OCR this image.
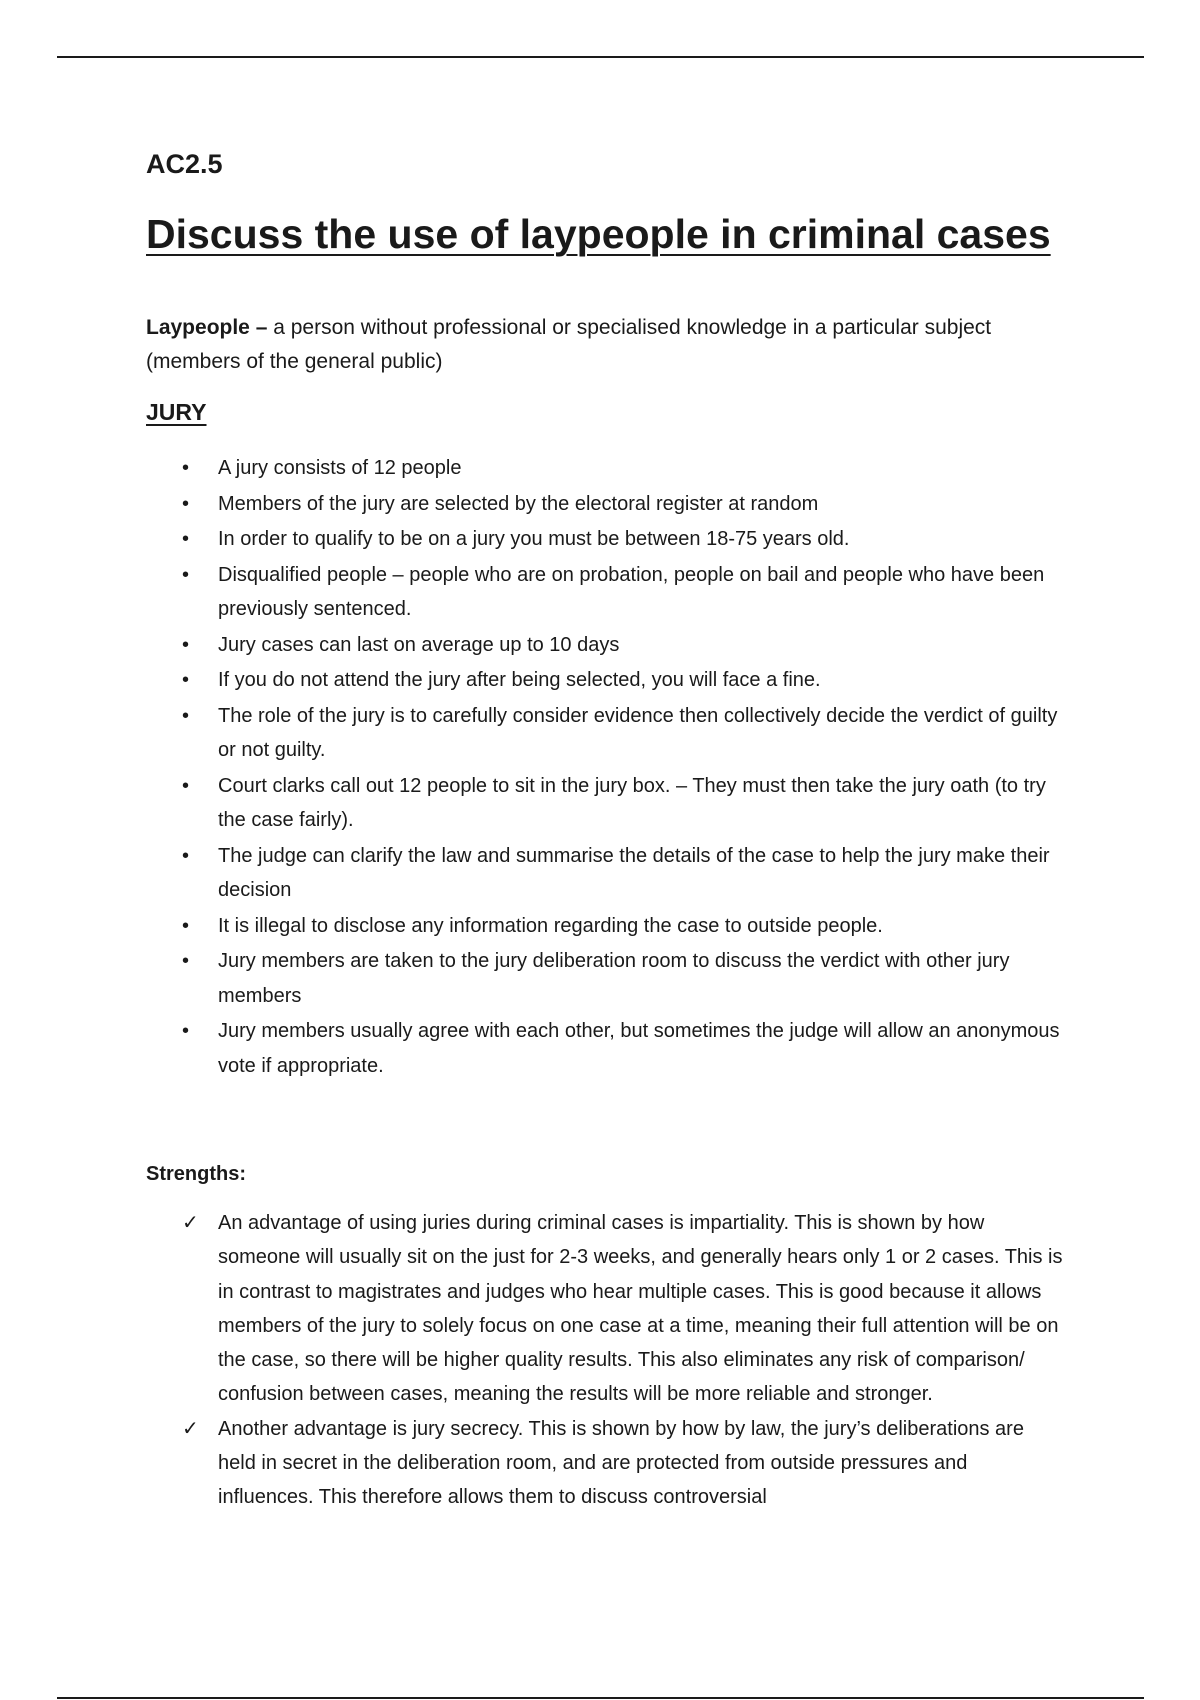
AC2.5

Discuss the use of laypeople in criminal cases

Laypeople – a person without professional or specialised knowledge in a particular subject (members of the general public)

JURY
• A jury consists of 12 people
• Members of the jury are selected by the electoral register at random
• In order to qualify to be on a jury you must be between 18-75 years old.
• Disqualified people – people who are on probation, people on bail and people who have been previously sentenced.
• Jury cases can last on average up to 10 days
• If you do not attend the jury after being selected, you will face a fine.
• The role of the jury is to carefully consider evidence then collectively decide the verdict of guilty or not guilty.
• Court clarks call out 12 people to sit in the jury box. – They must then take the jury oath (to try the case fairly).
• The judge can clarify the law and summarise the details of the case to help the jury make their decision
• It is illegal to disclose any information regarding the case to outside people.
• Jury members are taken to the jury deliberation room to discuss the verdict with other jury members
• Jury members usually agree with each other, but sometimes the judge will allow an anonymous vote if appropriate.
Strengths:
✓ An advantage of using juries during criminal cases is impartiality. This is shown by how someone will usually sit on the just for 2-3 weeks, and generally hears only 1 or 2 cases. This is in contrast to magistrates and judges who hear multiple cases. This is good because it allows members of the jury to solely focus on one case at a time, meaning their full attention will be on the case, so there will be higher quality results. This also eliminates any risk of comparison/ confusion between cases, meaning the results will be more reliable and stronger.
✓ Another advantage is jury secrecy. This is shown by how by law, the jury’s deliberations are held in secret in the deliberation room, and are protected from outside pressures and influences. This therefore allows them to discuss controversial
